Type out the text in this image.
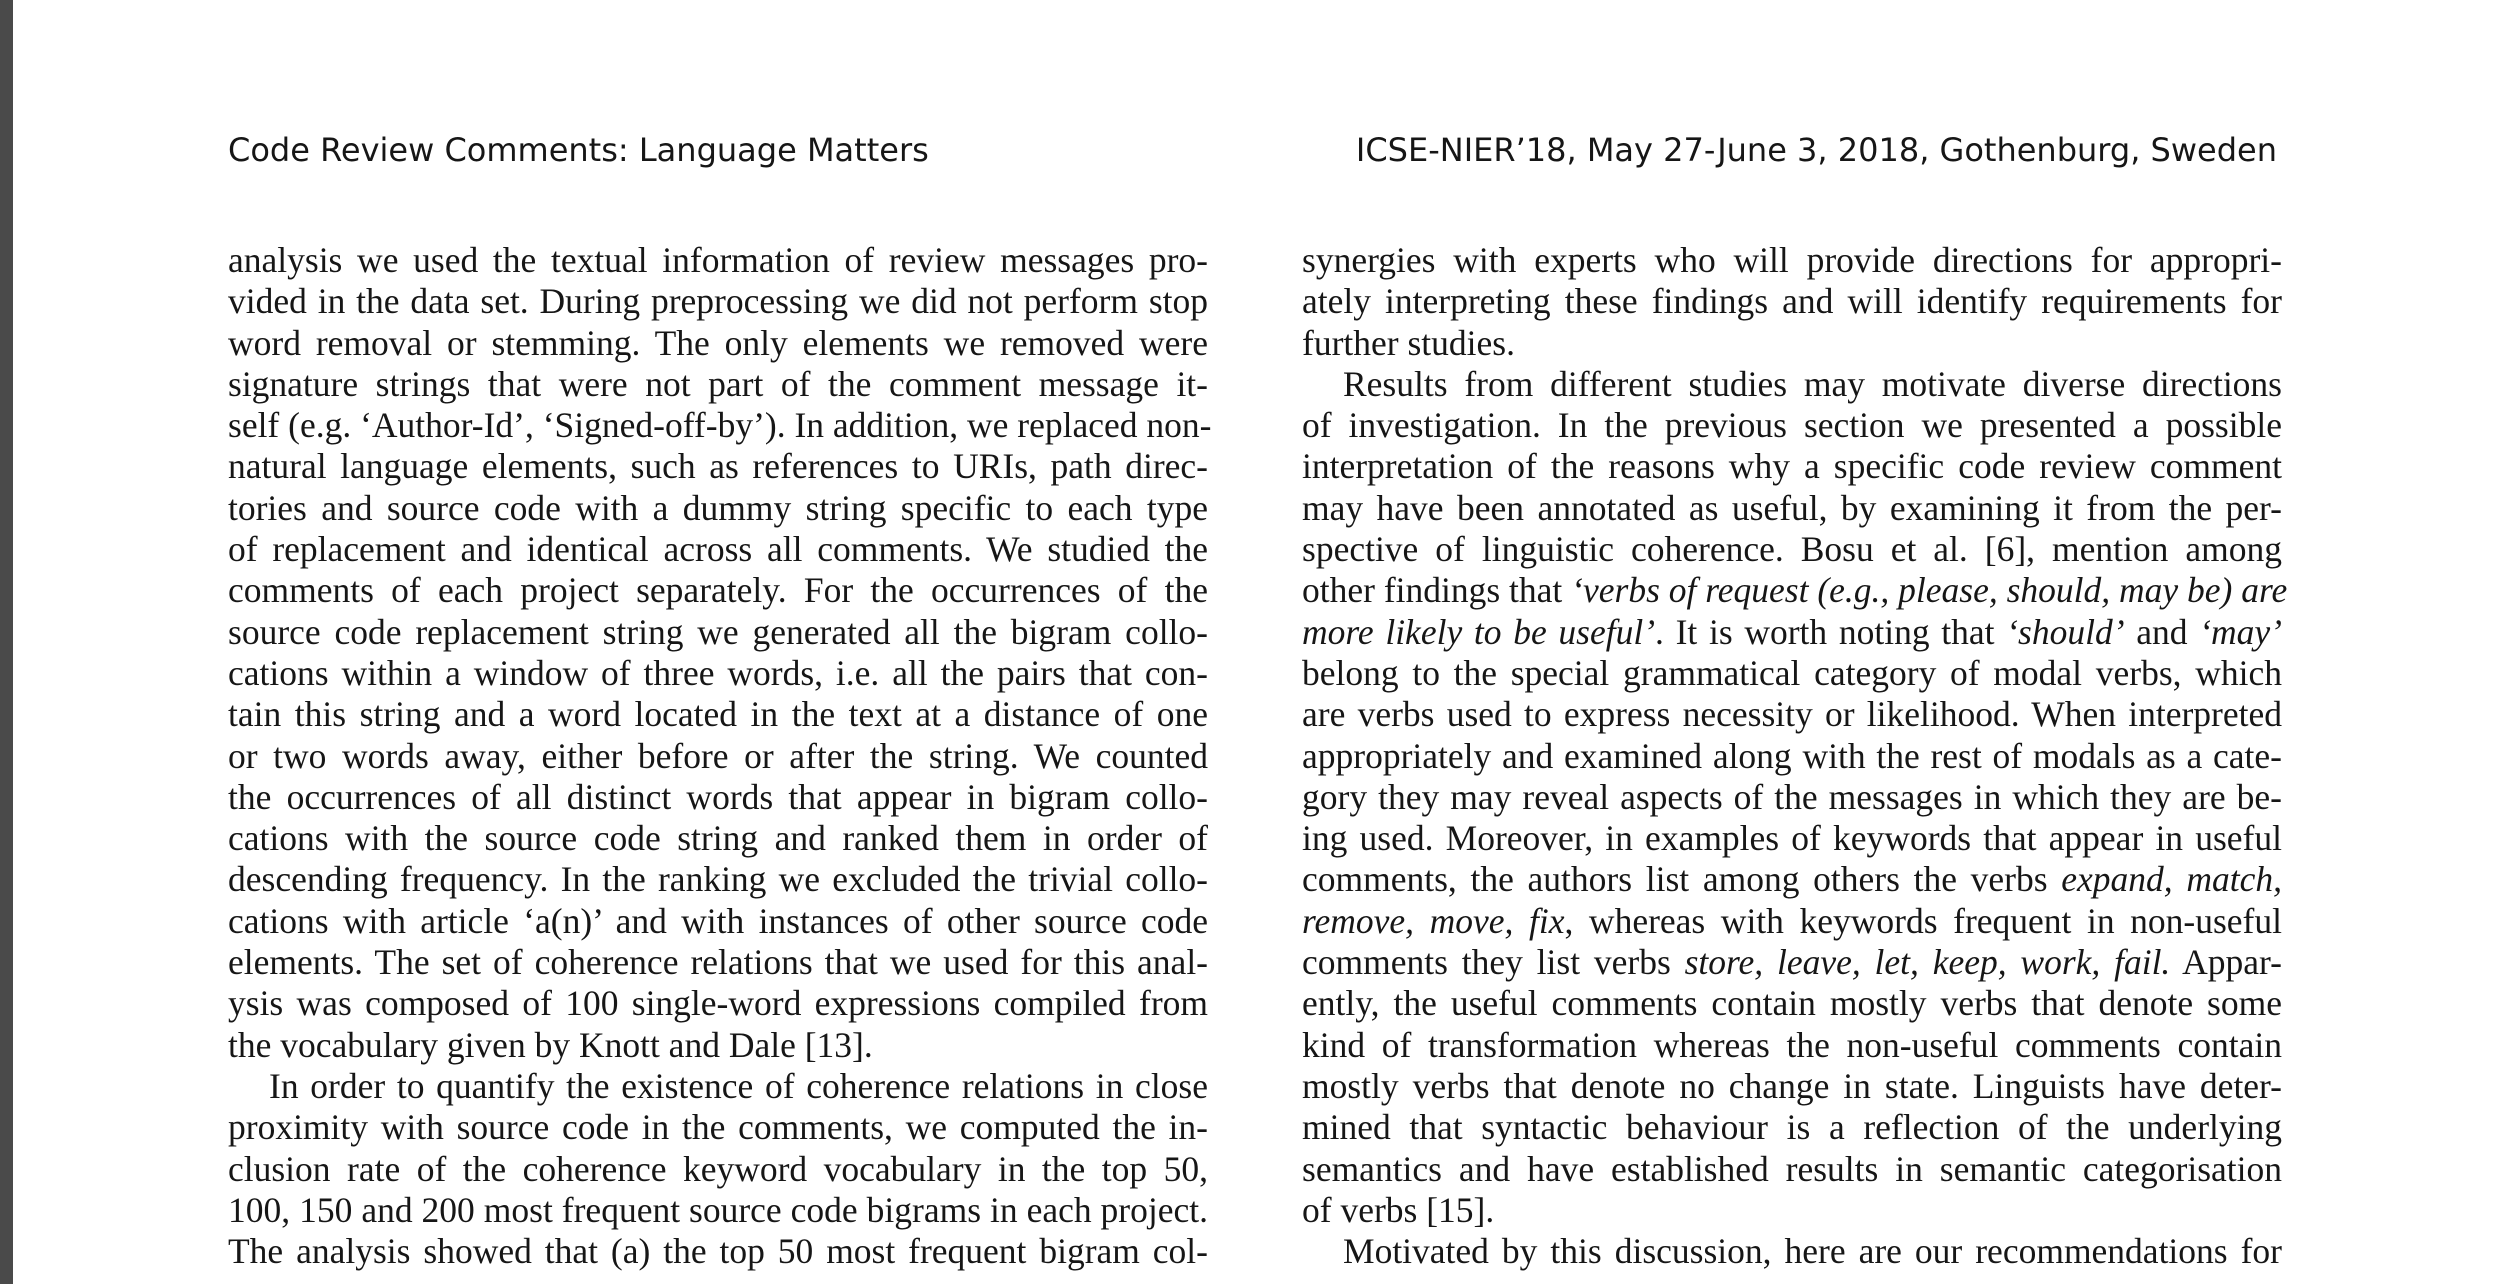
Code Review Comments: Language Matters	ICSE-NIER’18, May 27-June 3, 2018, Gothenburg, Sweden
analysis we used the textual information of review messages pro-
vided in the data set. During preprocessing we did not perform stop
word removal or stemming. The only elements we removed were
signature strings that were not part of the comment message it-
self (e.g. ‘Author-Id’, ‘Signed-off-by’). In addition, we replaced non-
natural language elements, such as references to URIs, path direc-
tories and source code with a dummy string specific to each type
of replacement and identical across all comments. We studied the
comments of each project separately. For the occurrences of the
source code replacement string we generated all the bigram collo-
cations within a window of three words, i.e. all the pairs that con-
tain this string and a word located in the text at a distance of one
or two words away, either before or after the string. We counted
the occurrences of all distinct words that appear in bigram collo-
cations with the source code string and ranked them in order of
descending frequency. In the ranking we excluded the trivial collo-
cations with article ‘a(n)’ and with instances of other source code
elements. The set of coherence relations that we used for this anal-
ysis was composed of 100 single-word expressions compiled from
the vocabulary given by Knott and Dale [13].
In order to quantify the existence of coherence relations in close
proximity with source code in the comments, we computed the in-
clusion rate of the coherence keyword vocabulary in the top 50,
100, 150 and 200 most frequent source code bigrams in each project.
The analysis showed that (a) the top 50 most frequent bigram col-
synergies with experts who will provide directions for appropri-
ately interpreting these findings and will identify requirements for
further studies.
Results from different studies may motivate diverse directions
of investigation. In the previous section we presented a possible
interpretation of the reasons why a specific code review comment
may have been annotated as useful, by examining it from the per-
spective of linguistic coherence. Bosu et al. [6], mention among
other findings that ‘verbs of request (e.g., please, should, may be) are
more likely to be useful’. It is worth noting that ‘should’ and ‘may’
belong to the special grammatical category of modal verbs, which
are verbs used to express necessity or likelihood. When interpreted
appropriately and examined along with the rest of modals as a cate-
gory they may reveal aspects of the messages in which they are be-
ing used. Moreover, in examples of keywords that appear in useful
comments, the authors list among others the verbs expand, match,
remove, move, fix, whereas with keywords frequent in non-useful
comments they list verbs store, leave, let, keep, work, fail. Appar-
ently, the useful comments contain mostly verbs that denote some
kind of transformation whereas the non-useful comments contain
mostly verbs that denote no change in state. Linguists have deter-
mined that syntactic behaviour is a reflection of the underlying
semantics and have established results in semantic categorisation
of verbs [15].
Motivated by this discussion, here are our recommendations for
